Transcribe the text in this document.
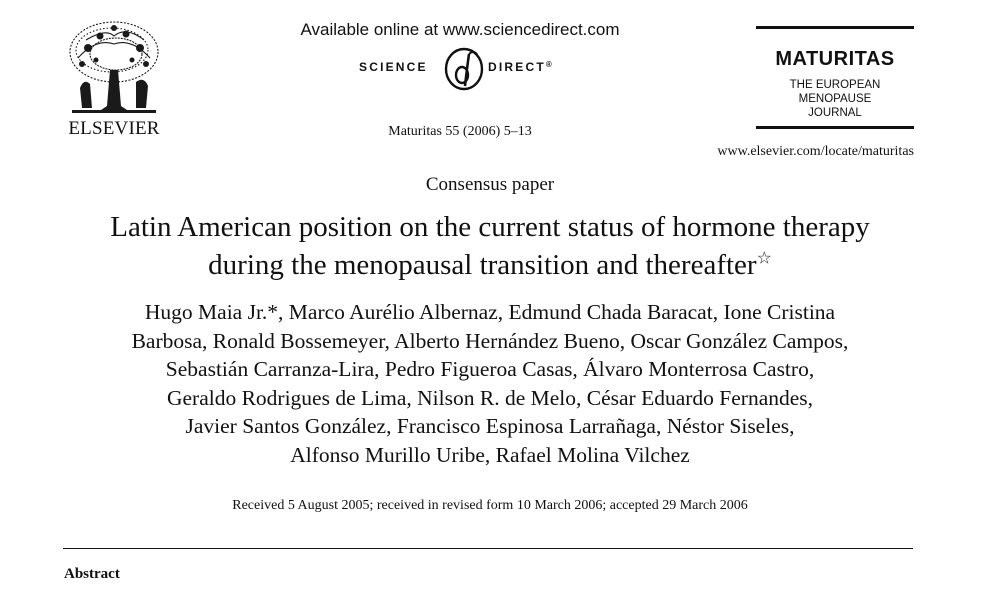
ELSEVIER
Available online at www.sciencedirect.com
SCIENCE	DIRECT®
Maturitas 55 (2006) 5–13
MATURITAS
THE EUROPEAN
MENOPAUSE
JOURNAL
www.elsevier.com/locate/maturitas
Consensus paper
Latin American position on the current status of hormone therapy
during the menopausal transition and thereafter☆
Hugo Maia Jr.*, Marco Aurélio Albernaz, Edmund Chada Baracat, Ione Cristina
Barbosa, Ronald Bossemeyer, Alberto Hernández Bueno, Oscar González Campos,
Sebastián Carranza-Lira, Pedro Figueroa Casas, Álvaro Monterrosa Castro,
Geraldo Rodrigues de Lima, Nilson R. de Melo, César Eduardo Fernandes,
Javier Santos González, Francisco Espinosa Larrañaga, Néstor Siseles,
Alfonso Murillo Uribe, Rafael Molina Vilchez
Received 5 August 2005; received in revised form 10 March 2006; accepted 29 March 2006
Abstract
